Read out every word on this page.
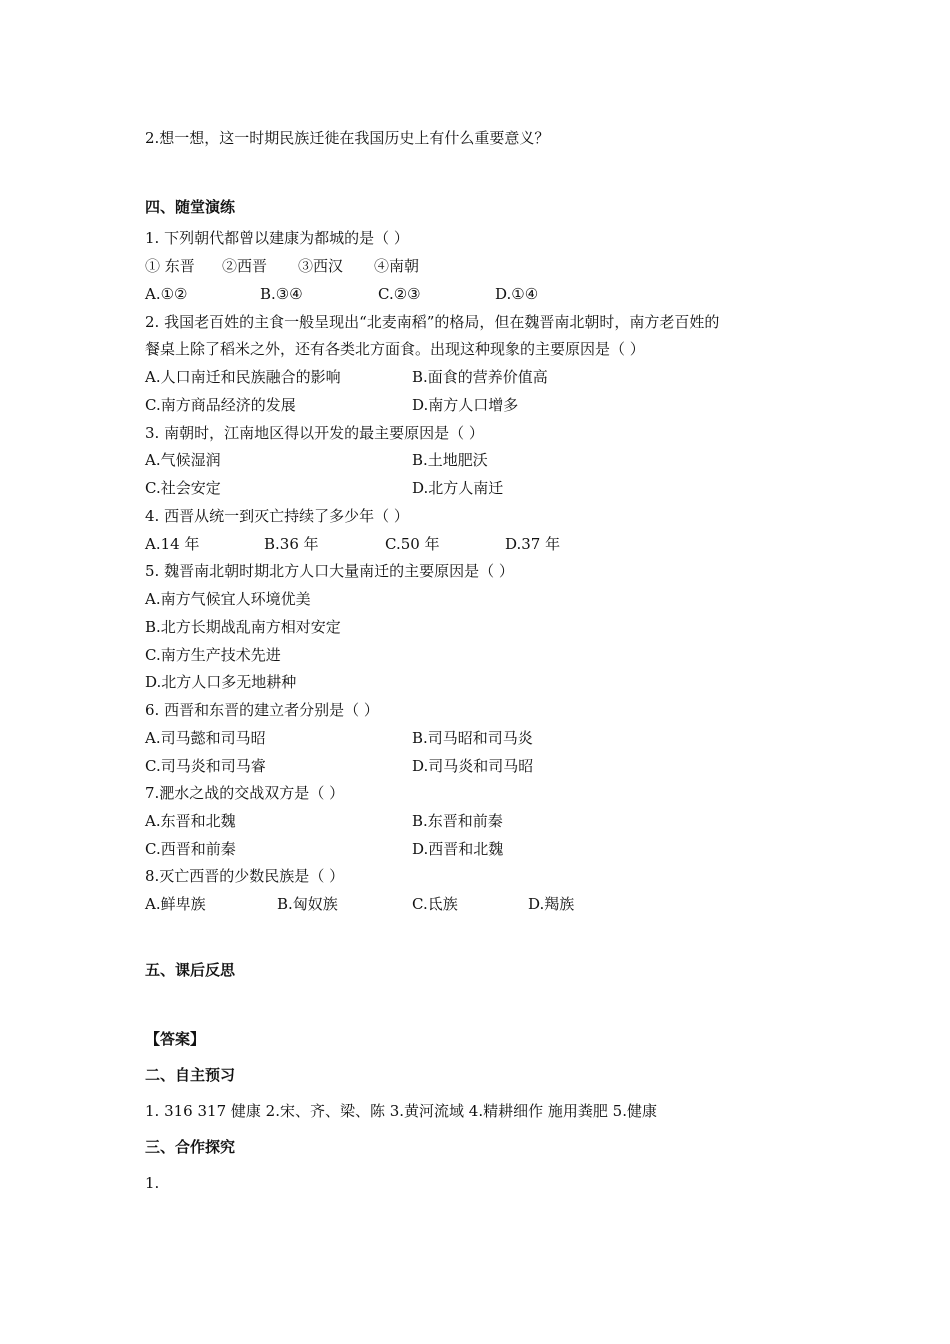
2.想一想，这一时期民族迁徙在我国历史上有什么重要意义？
四、随堂演练
1. 下列朝代都曾以建康为都城的是（ ）
① 东晋 ②西晋 ③西汉 ④南朝
A.①②	B.③④	C.②③	D.①④
2. 我国老百姓的主食一般呈现出“北麦南稻”的格局，但在魏晋南北朝时，南方老百姓的
餐桌上除了稻米之外，还有各类北方面食。出现这种现象的主要原因是（ ）
A.人口南迁和民族融合的影响	B.面食的营养价值高
C.南方商品经济的发展	D.南方人口增多
3. 南朝时，江南地区得以开发的最主要原因是（ ）
A.气候湿润	B.土地肥沃
C.社会安定	D.北方人南迁
4. 西晋从统一到灭亡持续了多少年（ ）
A.14 年	B.36 年	C.50 年	D.37 年
5. 魏晋南北朝时期北方人口大量南迁的主要原因是（ ）
A.南方气候宜人环境优美
B.北方长期战乱南方相对安定
C.南方生产技术先进
D.北方人口多无地耕种
6. 西晋和东晋的建立者分别是（ ）
A.司马懿和司马昭	B.司马昭和司马炎
C.司马炎和司马睿	D.司马炎和司马昭
7.淝水之战的交战双方是（ ）
A.东晋和北魏	B.东晋和前秦
C.西晋和前秦	D.西晋和北魏
8.灭亡西晋的少数民族是（ ）
A.鲜卑族	B.匈奴族	C.氐族	D.羯族
五、课后反思
【答案】
二、自主预习
1. 316 317 健康 2.宋、齐、梁、陈 3.黄河流域 4.精耕细作 施用粪肥 5.健康
三、合作探究
1.
